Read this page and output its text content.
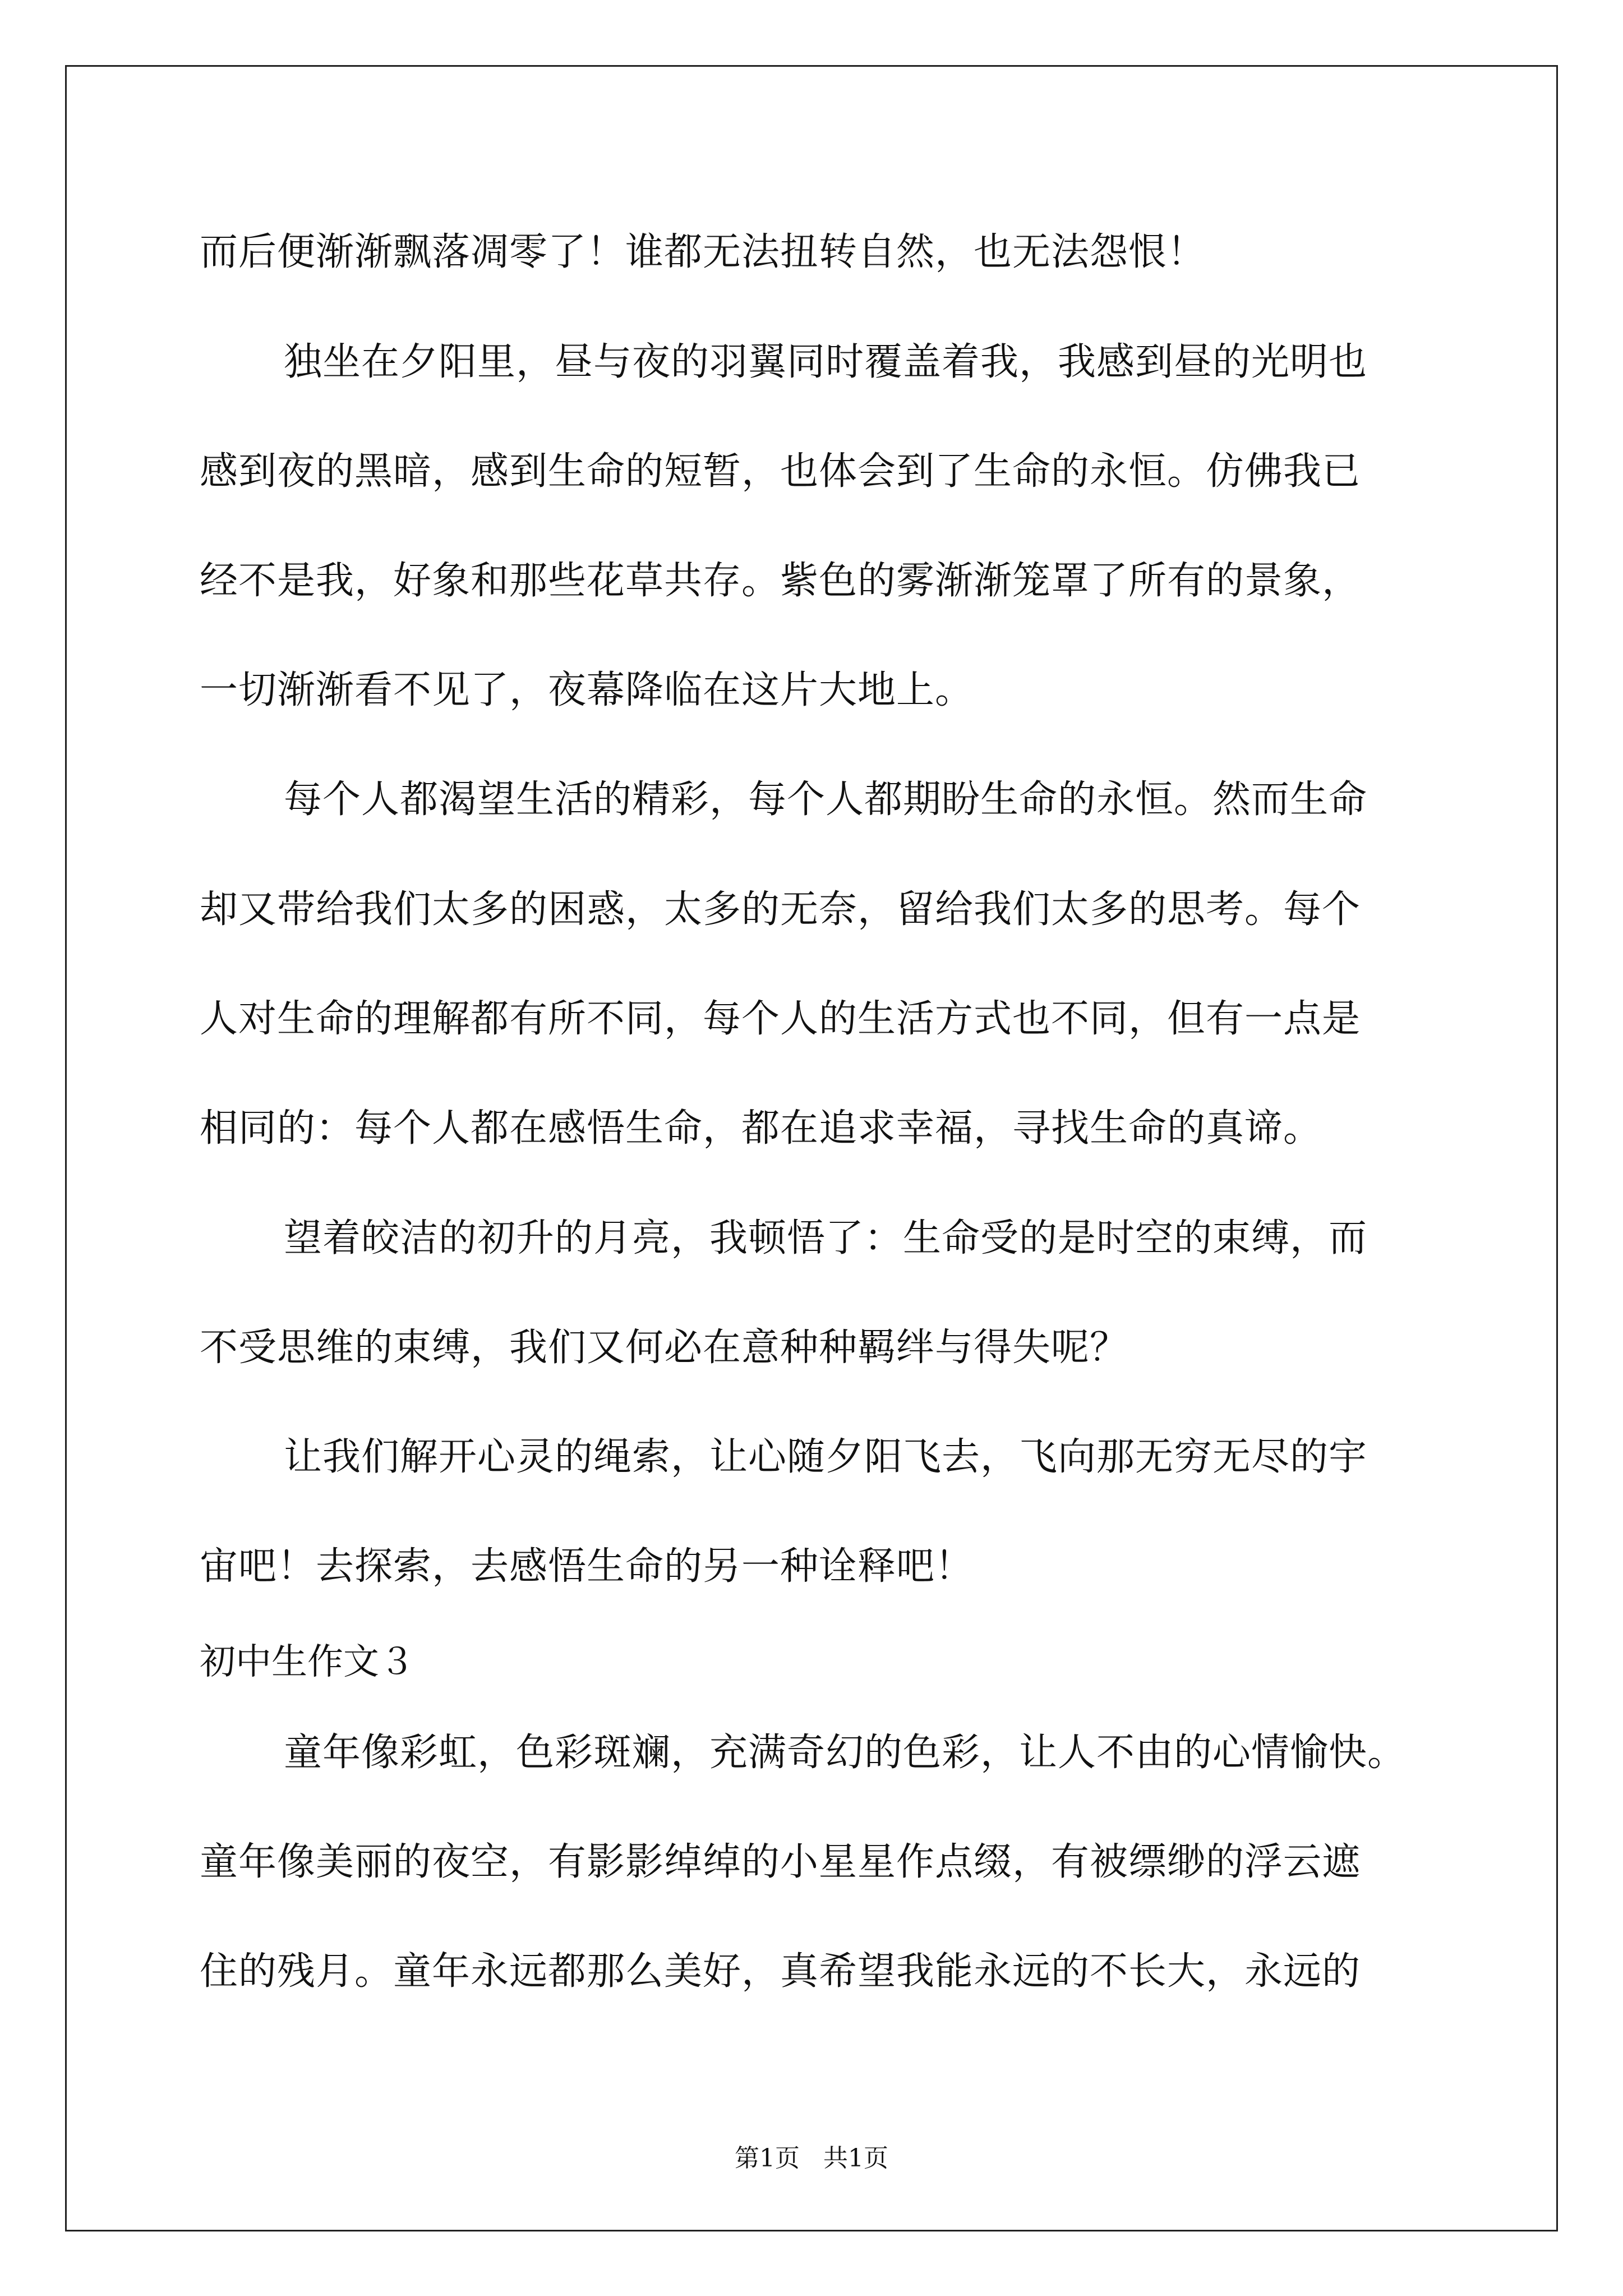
而后便渐渐飘落凋零了！谁都无法扭转自然，也无法怨恨！
独坐在夕阳里，昼与夜的羽翼同时覆盖着我，我感到昼的光明也
感到夜的黑暗，感到生命的短暂，也体会到了生命的永恒。仿佛我已
经不是我，好象和那些花草共存。紫色的雾渐渐笼罩了所有的景象，
一切渐渐看不见了，夜幕降临在这片大地上。
每个人都渴望生活的精彩，每个人都期盼生命的永恒。然而生命
却又带给我们太多的困惑，太多的无奈，留给我们太多的思考。每个
人对生命的理解都有所不同，每个人的生活方式也不同，但有一点是
相同的：每个人都在感悟生命，都在追求幸福，寻找生命的真谛。
望着皎洁的初升的月亮，我顿悟了：生命受的是时空的束缚，而
不受思维的束缚，我们又何必在意种种羁绊与得失呢？
让我们解开心灵的绳索，让心随夕阳飞去，飞向那无穷无尽的宇
宙吧！去探索，去感悟生命的另一种诠释吧！
初中生作文３
童年像彩虹，色彩斑斓，充满奇幻的色彩，让人不由的心情愉快。
童年像美丽的夜空，有影影绰绰的小星星作点缀，有被缥缈的浮云遮
住的残月。童年永远都那么美好，真希望我能永远的不长大，永远的
第1页   共1页
